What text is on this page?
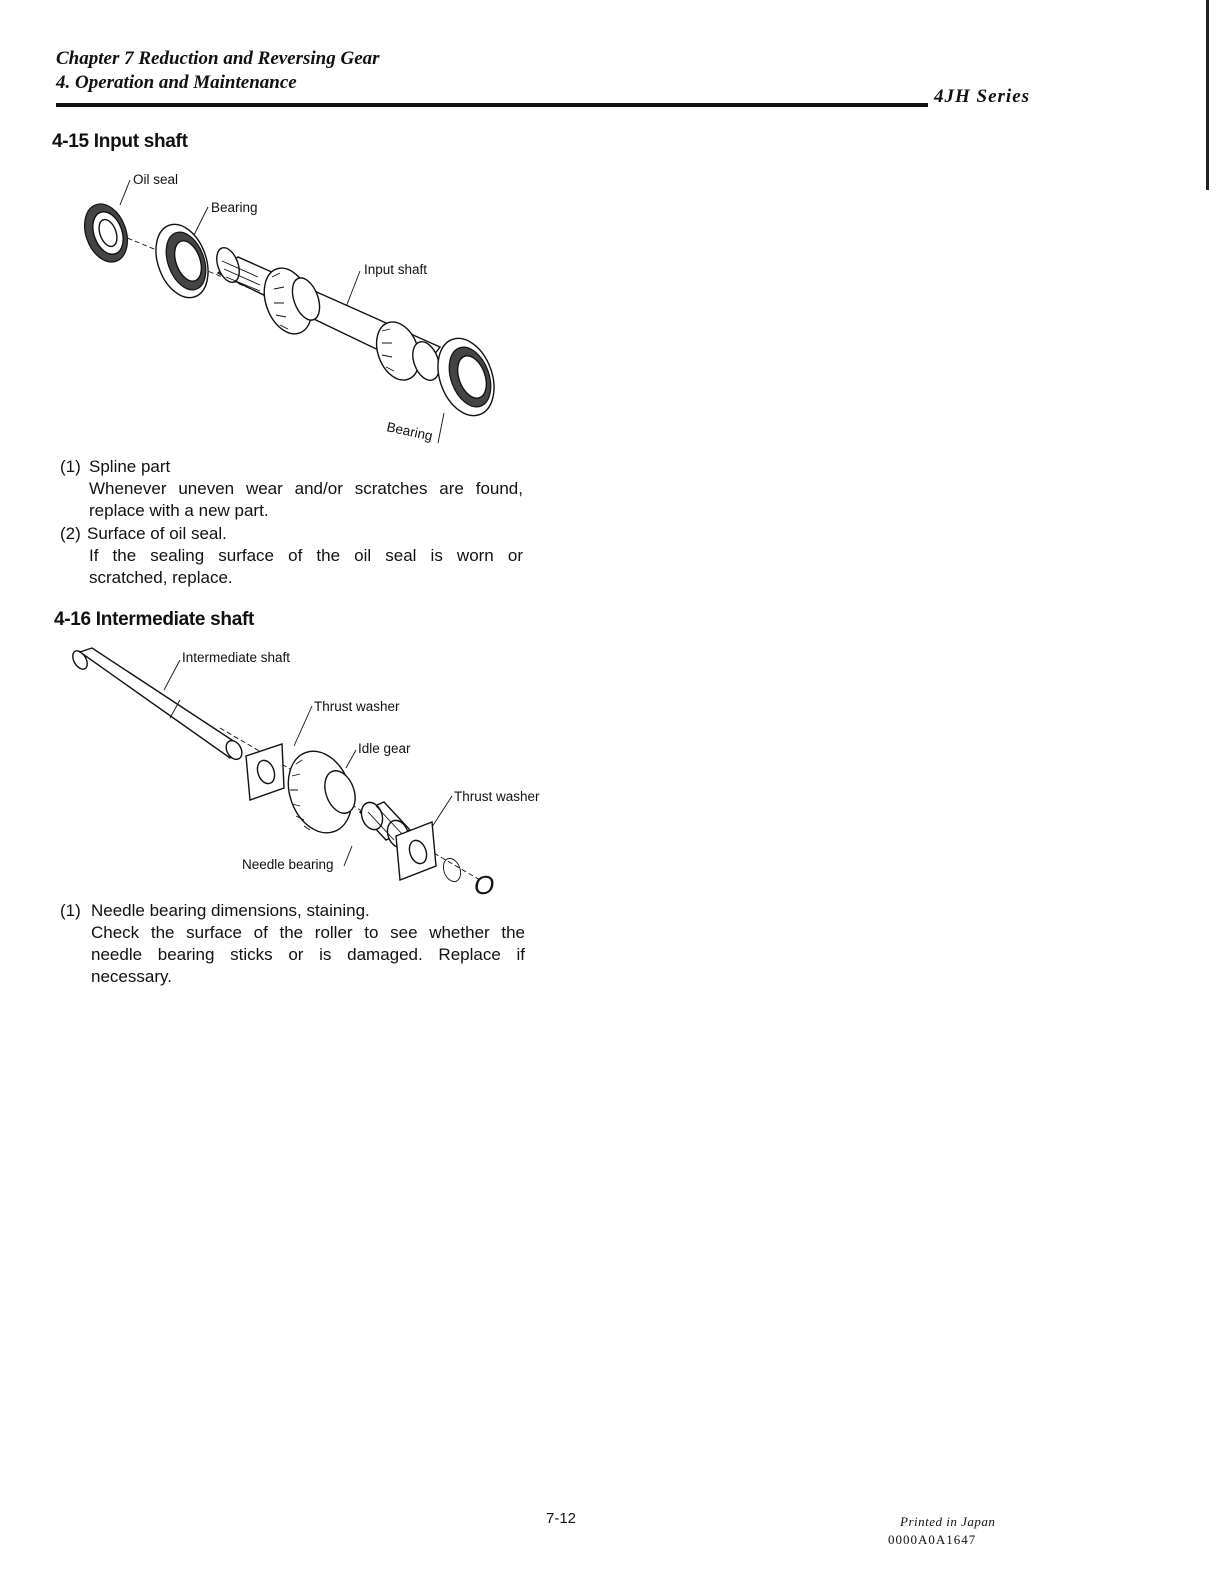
Chapter 7 Reduction and Reversing Gear
4. Operation and Maintenance
4JH Series
4-15 Input shaft
Oil seal
Bearing
Input shaft
Bearing
(1) Spline part
Whenever uneven wear and/or scratches are found,
replace with a new part.
(2) Surface of oil seal.
If the sealing surface of the oil seal is worn or
scratched, replace.
4-16 Intermediate shaft
Intermediate shaft
Thrust washer
Idle gear
Thrust washer
Needle bearing
O
(1) Needle bearing dimensions, staining.
Check the surface of the roller to see whether the
needle bearing sticks or is damaged. Replace if
necessary.
7-12	Printed in Japan
0000A0A1647
